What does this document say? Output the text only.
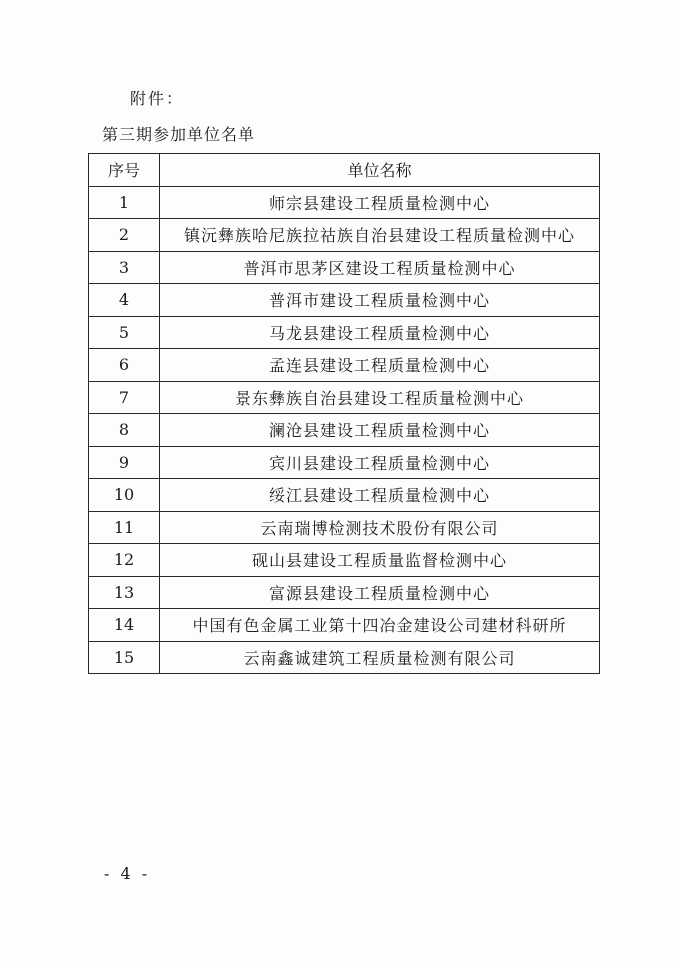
附件：
第三期参加单位名单
序号	单位名称
1	师宗县建设工程质量检测中心
2	镇沅彝族哈尼族拉祜族自治县建设工程质量检测中心
3	普洱市思茅区建设工程质量检测中心
4	普洱市建设工程质量检测中心
5	马龙县建设工程质量检测中心
6	孟连县建设工程质量检测中心
7	景东彝族自治县建设工程质量检测中心
8	澜沧县建设工程质量检测中心
9	宾川县建设工程质量检测中心
10	绥江县建设工程质量检测中心
11	云南瑞博检测技术股份有限公司
12	砚山县建设工程质量监督检测中心
13	富源县建设工程质量检测中心
14	中国有色金属工业第十四冶金建设公司建材科研所
15	云南鑫诚建筑工程质量检测有限公司
- 4 -
